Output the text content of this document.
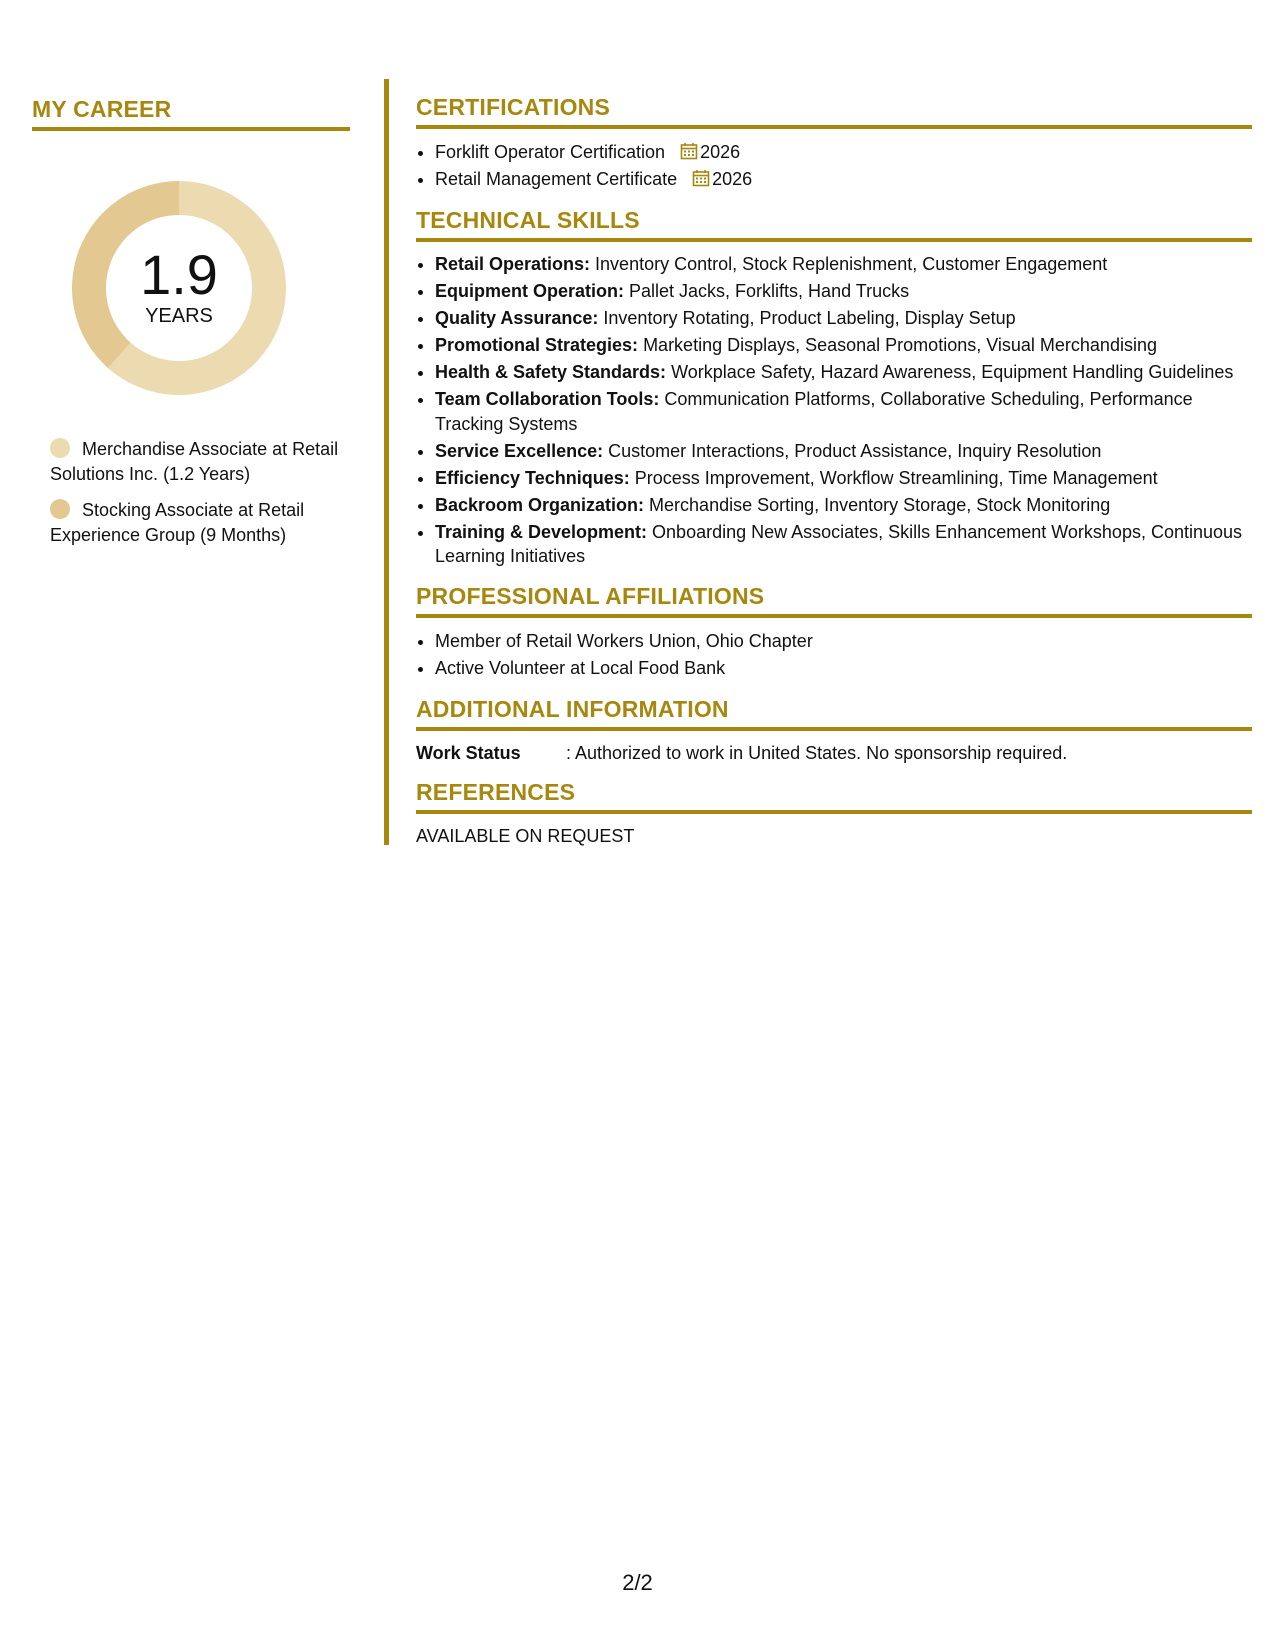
MY CAREER
1.9
YEARS
Merchandise Associate at Retail Solutions Inc. (1.2 Years)
Stocking Associate at Retail Experience Group (9 Months)
CERTIFICATIONS
• Forklift Operator Certification 2026
• Retail Management Certificate 2026
TECHNICAL SKILLS
• Retail Operations: Inventory Control, Stock Replenishment, Customer Engagement
• Equipment Operation: Pallet Jacks, Forklifts, Hand Trucks
• Quality Assurance: Inventory Rotating, Product Labeling, Display Setup
• Promotional Strategies: Marketing Displays, Seasonal Promotions, Visual Merchandising
• Health & Safety Standards: Workplace Safety, Hazard Awareness, Equipment Handling Guidelines
• Team Collaboration Tools: Communication Platforms, Collaborative Scheduling, Performance Tracking Systems
• Service Excellence: Customer Interactions, Product Assistance, Inquiry Resolution
• Efficiency Techniques: Process Improvement, Workflow Streamlining, Time Management
• Backroom Organization: Merchandise Sorting, Inventory Storage, Stock Monitoring
• Training & Development: Onboarding New Associates, Skills Enhancement Workshops, Continuous Learning Initiatives
PROFESSIONAL AFFILIATIONS
• Member of Retail Workers Union, Ohio Chapter
• Active Volunteer at Local Food Bank
ADDITIONAL INFORMATION
Work Status	: Authorized to work in United States. No sponsorship required.
REFERENCES
AVAILABLE ON REQUEST
2/2
